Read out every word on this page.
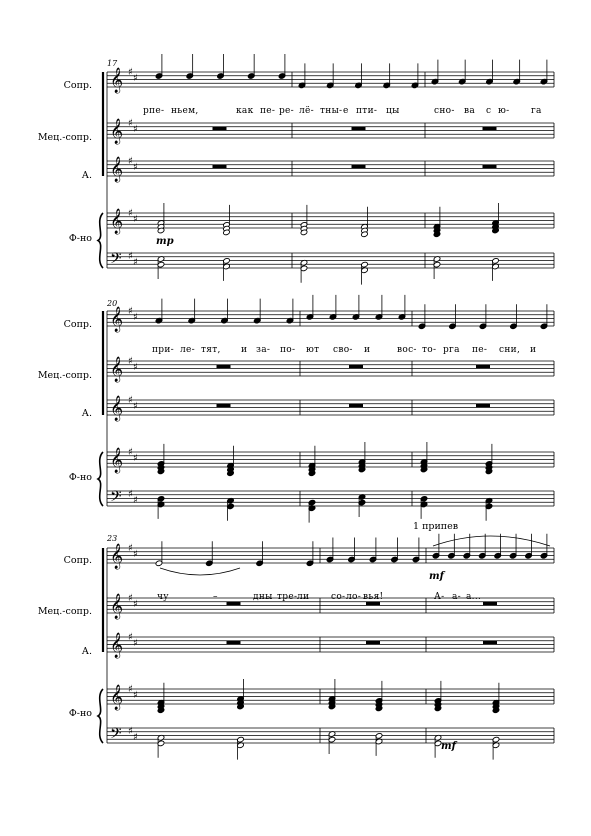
𝄞 ♯
♯
𝄞 ♯
♯
𝄞 ♯
♯
𝄞 ♯
♯
𝄢 ♯
♯
𝄞 ♯
♯
𝄞 ♯
♯
𝄞 ♯
♯
𝄞 ♯
♯
𝄢 ♯
♯
𝄞 ♯
♯
𝄞 ♯
♯
𝄞 ♯
♯
𝄞 ♯
♯
𝄢 ♯
♯
17
Сопр.
Мец.-сопр.
А.
Ф-но
20
Сопр.
Мец.-сопр.
А.
Ф-но
23
1 припев
Сопр.
Мец.-сопр.
А.
Ф-но
рпе- ньем,	как пе- ре- лё- тны- е пти- цы	сно- ва с ю- га
при- ле- тят, и за- по- ют сво- и	вос- то- рга пе- сни, и
чу	–	дны тре- ли со- ло- вья!	А- а- а...
mp
mf
mf
